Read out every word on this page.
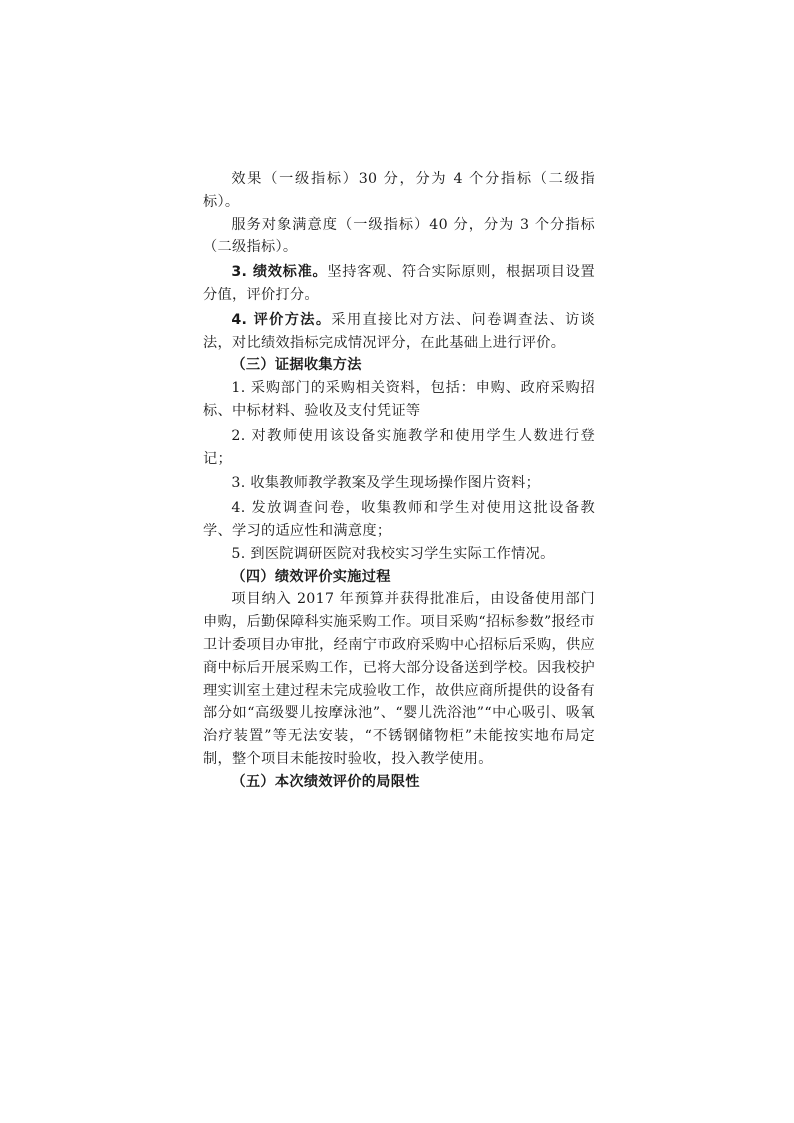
效果（一级指标）30 分，分为 4 个分指标（二级指标）。

服务对象满意度（一级指标）40 分，分为 3 个分指标（二级指标）。

3. 绩效标准。坚持客观、符合实际原则，根据项目设置分值，评价打分。

4. 评价方法。采用直接比对方法、问卷调查法、访谈法，对比绩效指标完成情况评分，在此基础上进行评价。

（三）证据收集方法

1. 采购部门的采购相关资料，包括：申购、政府采购招标、中标材料、验收及支付凭证等

2. 对教师使用该设备实施教学和使用学生人数进行登记；

3. 收集教师教学教案及学生现场操作图片资料；

4. 发放调查问卷，收集教师和学生对使用这批设备教学、学习的适应性和满意度；

5. 到医院调研医院对我校实习学生实际工作情况。

（四）绩效评价实施过程

项目纳入 2017 年预算并获得批准后，由设备使用部门申购，后勤保障科实施采购工作。项目采购“招标参数”报经市卫计委项目办审批，经南宁市政府采购中心招标后采购，供应商中标后开展采购工作，已将大部分设备送到学校。因我校护理实训室土建过程未完成验收工作，故供应商所提供的设备有部分如“高级婴儿按摩泳池”、“婴儿洗浴池”“中心吸引、吸氧治疗装置”等无法安装，“不锈钢储物柜”未能按实地布局定制，整个项目未能按时验收，投入教学使用。

（五）本次绩效评价的局限性
